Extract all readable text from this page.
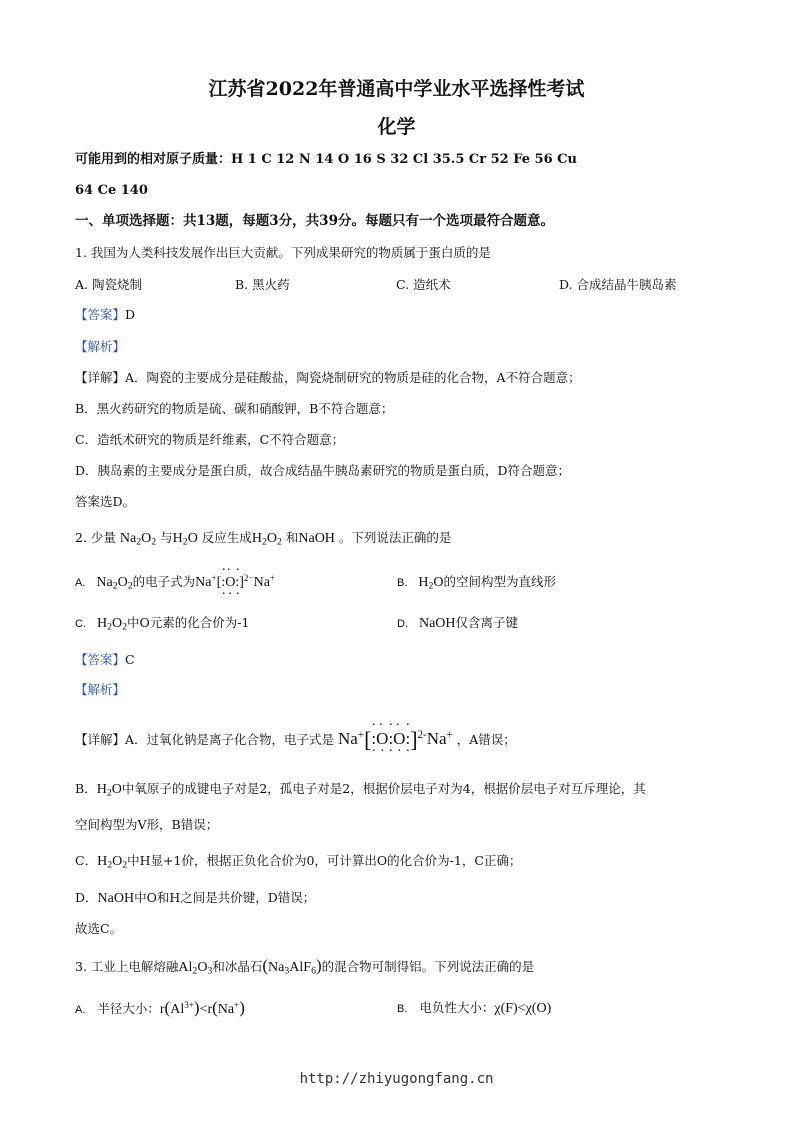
江苏省2022年普通高中学业水平选择性考试
化学
可能用到的相对原子质量：H 1 C 12 N 14 O 16 S 32 Cl 35.5 Cr 52 Fe 56 Cu
64 Ce 140
一、单项选择题：共13题，每题3分，共39分。每题只有一个选项最符合题意。
1. 我国为人类科技发展作出巨大贡献。下列成果研究的物质属于蛋白质的是
A. 陶瓷烧制	B. 黑火药	C. 造纸术	D. 合成结晶牛胰岛素
【答案】D
【解析】
【详解】A．陶瓷的主要成分是硅酸盐，陶瓷烧制研究的物质是硅的化合物，A不符合题意；
B．黑火药研究的物质是硫、碳和硝酸钾，B不符合题意；
C．造纸术研究的物质是纤维素，C不符合题意；
D．胰岛素的主要成分是蛋白质，故合成结晶牛胰岛素研究的物质是蛋白质，D符合题意；
答案选D。
2. 少量 $Na_2O_2$ 与$H_2O$ 反应生成$H_2O_2$ 和NaOH 。下列说法正确的是
A.   $Na_2O_2$的电子式为Na+[· : ·· O ·· : ·]$^{2-}$Na+	B.   $H_2O$的空间构型为直线形
C.   $H_2O_2$中O元素的化合价为-1	D. NaOH仅含离子键
【答案】C
【解析】
【详解】A．过氧化钠是离子化合物，电子式是 Na+[· : ·· O ·· : ·· O ·· : ·]$^{2-}$Na+ ，A错误；
B．$H_2O$中氧原子的成键电子对是2，孤电子对是2，根据价层电子对为4，根据价层电子对互斥理论，其
空间构型为V形，B错误；
C．$H_2O_2$中H显+1价，根据正负化合价为0，可计算出O的化合价为-1，C正确；
D．NaOH中O和H之间是共价键，D错误；
故选C。
3. 工业上电解熔融$Al_2O_3$和冰晶石$(Na_3AlF_6)$的混合物可制得铝。下列说法正确的是
A. 半径大小：$r(Al^{3+})<r(Na^+)$	B. 电负性大小：χ(F)<χ(O)
http://zhiyugongfang.cn
